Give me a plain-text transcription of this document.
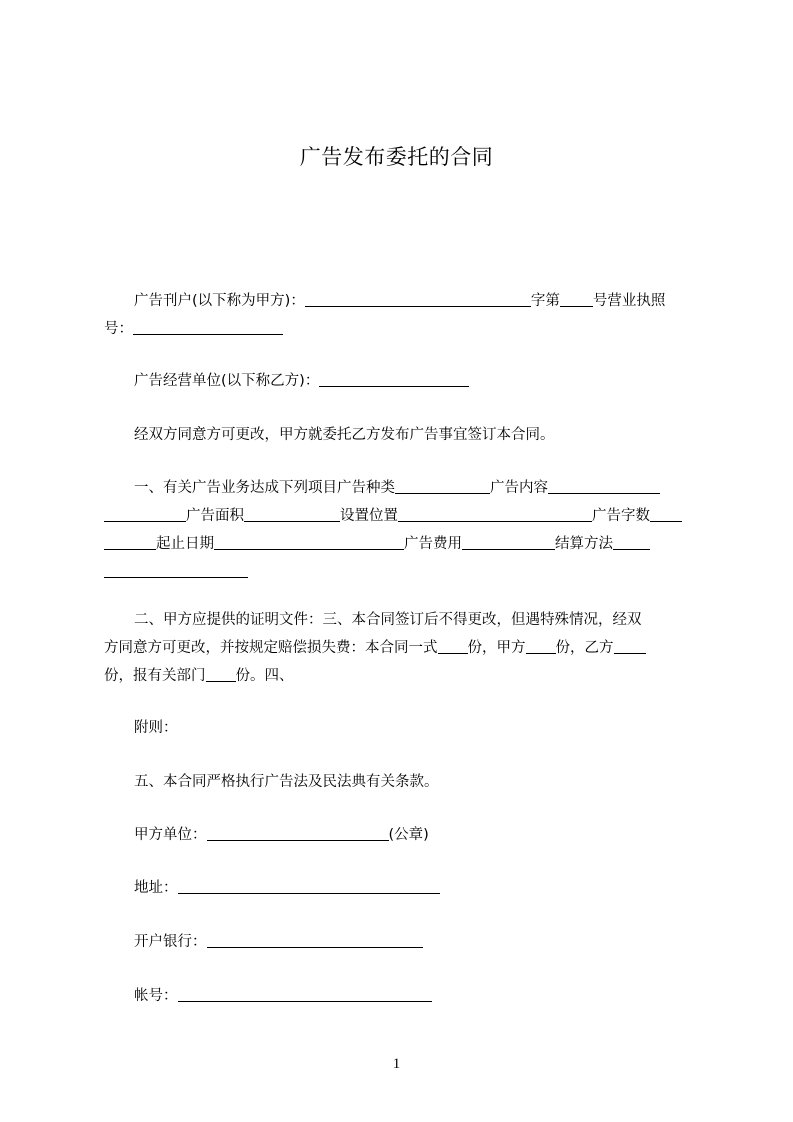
广告发布委托的合同
广告刊户(以下称为甲方)：	字第 号营业执照
号：
广告经营单位(以下称乙方)：
经双方同意方可更改，甲方就委托乙方发布广告事宜签订本合同。
一、有关广告业务达成下列项目广告种类	广告内容
广告面积	设置位置	广告字数
起止日期	广告费用	结算方法
二、甲方应提供的证明文件：三、本合同签订后不得更改，但遇特殊情况，经双
方同意方可更改，并按规定赔偿损失费：本合同一式 份，甲方 份，乙方
份，报有关部门 份。四、
附则：
五、本合同严格执行广告法及民法典有关条款。
甲方单位：	(公章)
地址：
开户银行：
帐号：
1
